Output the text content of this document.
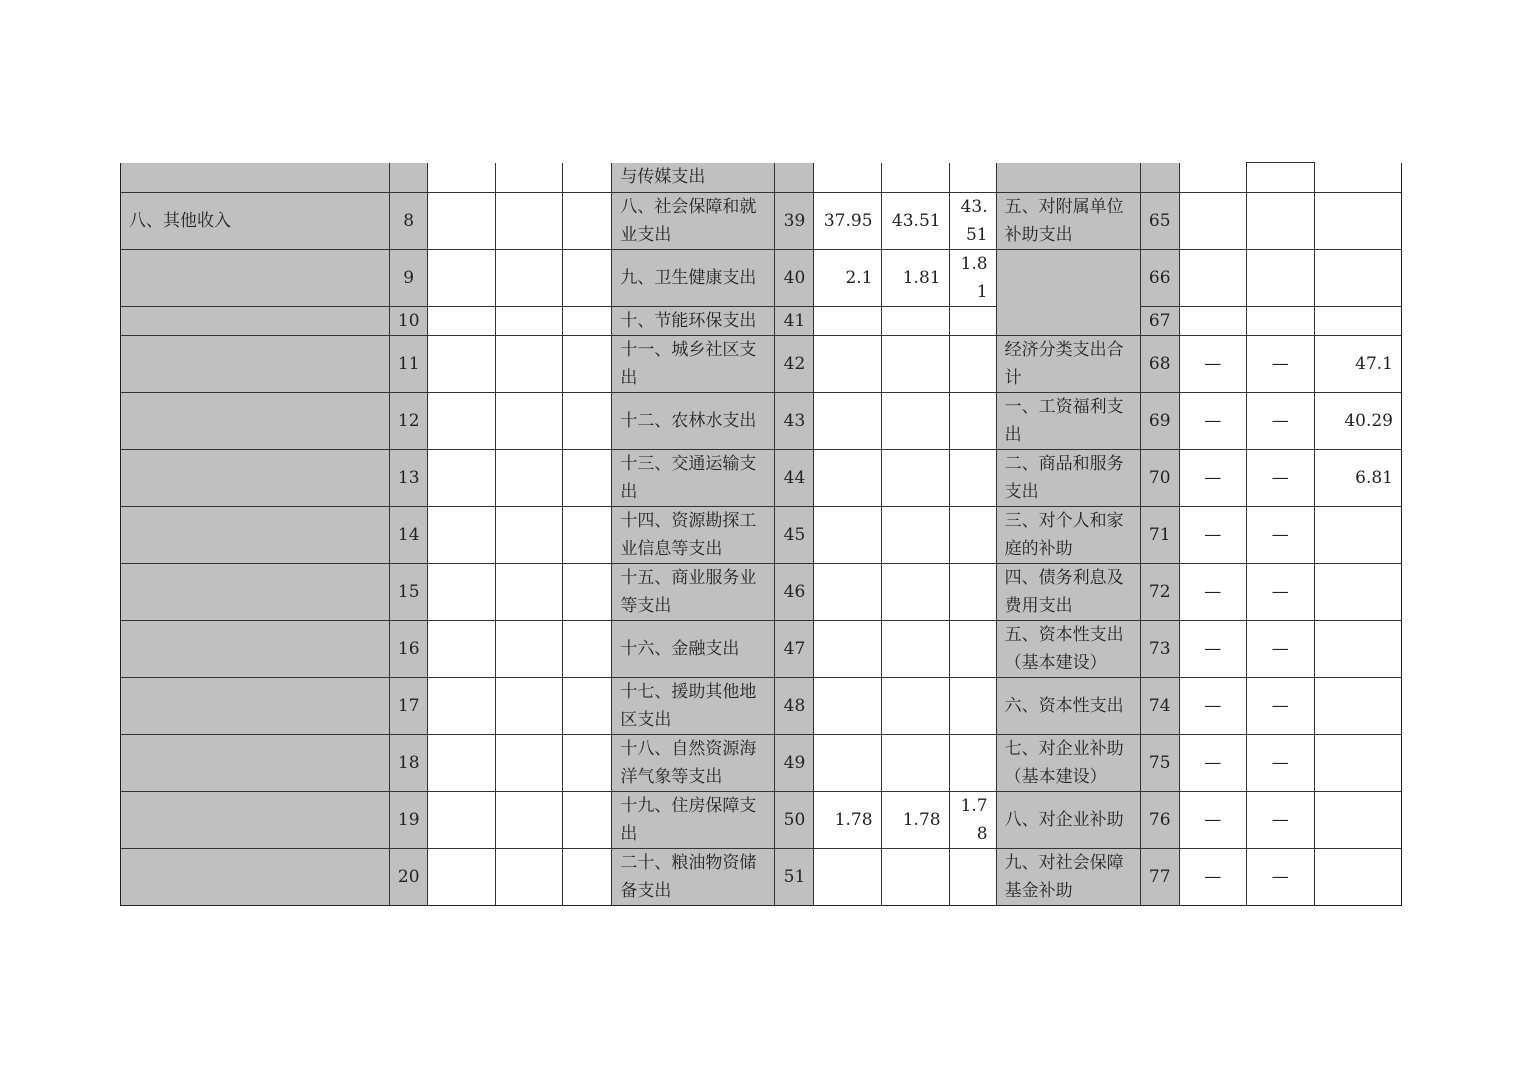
					与传媒支出									
八、其他收入	8				八、社会保障和就业支出	39	37.95	43.51	43.51	五、对附属单位补助支出	65			
	9				九、卫生健康支出	40	2.1	1.81	1.81		66			
	10				十、节能环保支出	41					67			
	11				十一、城乡社区支出	42				经济分类支出合计	68	—	—	47.1
	12				十二、农林水支出	43				一、工资福利支出	69	—	—	40.29
	13				十三、交通运输支出	44				二、商品和服务支出	70	—	—	6.81
	14				十四、资源勘探工业信息等支出	45				三、对个人和家庭的补助	71	—	—	
	15				十五、商业服务业等支出	46				四、债务利息及费用支出	72	—	—	
	16				十六、金融支出	47				五、资本性支出（基本建设）	73	—	—	
	17				十七、援助其他地区支出	48				六、资本性支出	74	—	—	
	18				十八、自然资源海洋气象等支出	49				七、对企业补助（基本建设）	75	—	—	
	19				十九、住房保障支出	50	1.78	1.78	1.78	八、对企业补助	76	—	—	
	20				二十、粮油物资储备支出	51				九、对社会保障基金补助	77	—	—	
